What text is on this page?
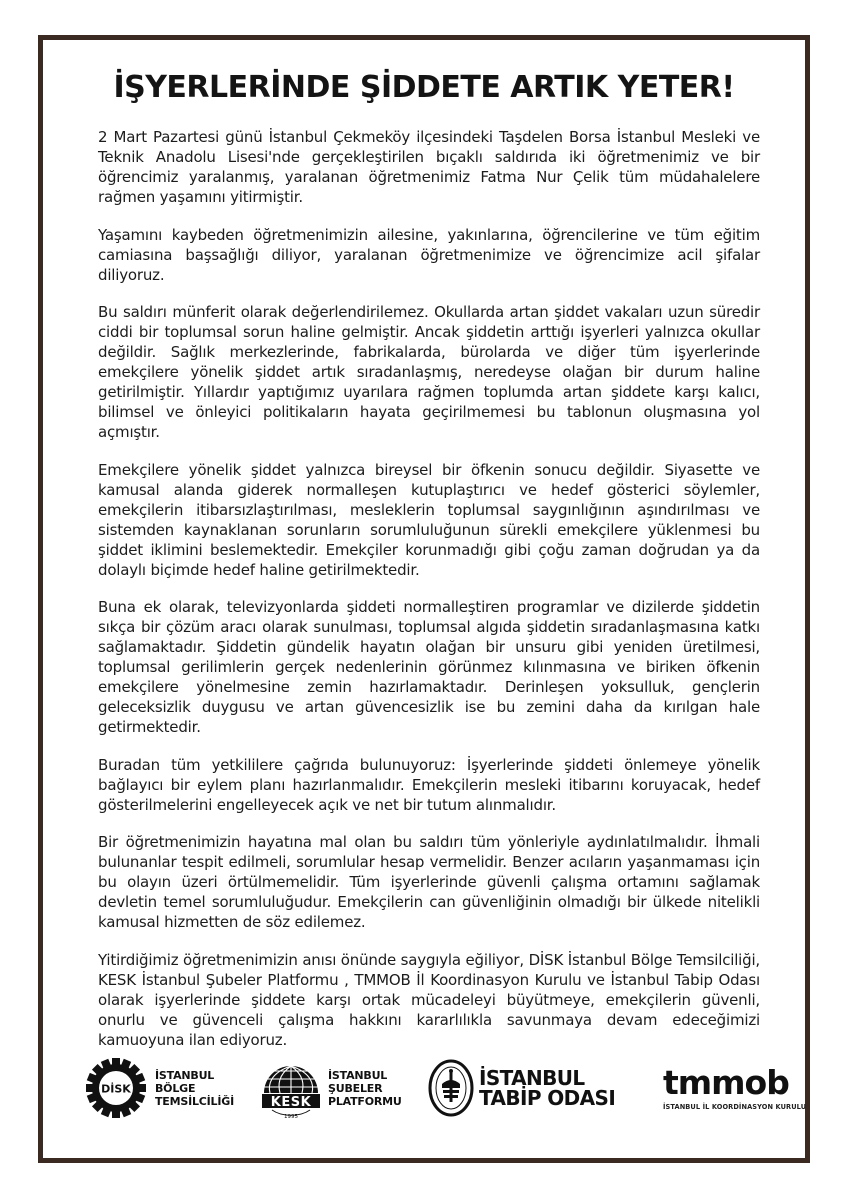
İŞYERLERİNDE ŞİDDETE ARTIK YETER!

2 Mart Pazartesi günü İstanbul Çekmeköy ilçesindeki Taşdelen Borsa İstanbul Mesleki ve Teknik Anadolu Lisesi'nde gerçekleştirilen bıçaklı saldırıda iki öğretmenimiz ve bir öğrencimiz yaralanmış, yaralanan öğretmenimiz Fatma Nur Çelik tüm müdahalelere rağmen yaşamını yitirmiştir.

Yaşamını kaybeden öğretmenimizin ailesine, yakınlarına, öğrencilerine ve tüm eğitim camiasına başsağlığı diliyor, yaralanan öğretmenimize ve öğrencimize acil şifalar diliyoruz.

Bu saldırı münferit olarak değerlendirilemez. Okullarda artan şiddet vakaları uzun süredir ciddi bir toplumsal sorun haline gelmiştir. Ancak şiddetin arttığı işyerleri yalnızca okullar değildir. Sağlık merkezlerinde, fabrikalarda, bürolarda ve diğer tüm işyerlerinde emekçilere yönelik şiddet artık sıradanlaşmış, neredeyse olağan bir durum haline getirilmiştir. Yıllardır yaptığımız uyarılara rağmen toplumda artan şiddete karşı kalıcı, bilimsel ve önleyici politikaların hayata geçirilmemesi bu tablonun oluşmasına yol açmıştır.

Emekçilere yönelik şiddet yalnızca bireysel bir öfkenin sonucu değildir. Siyasette ve kamusal alanda giderek normalleşen kutuplaştırıcı ve hedef gösterici söylemler, emekçilerin itibarsızlaştırılması, mesleklerin toplumsal saygınlığının aşındırılması ve sistemden kaynaklanan sorunların sorumluluğunun sürekli emekçilere yüklenmesi bu şiddet iklimini beslemektedir. Emekçiler korunmadığı gibi çoğu zaman doğrudan ya da dolaylı biçimde hedef haline getirilmektedir.

Buna ek olarak, televizyonlarda şiddeti normalleştiren programlar ve dizilerde şiddetin sıkça bir çözüm aracı olarak sunulması, toplumsal algıda şiddetin sıradanlaşmasına katkı sağlamaktadır. Şiddetin gündelik hayatın olağan bir unsuru gibi yeniden üretilmesi, toplumsal gerilimlerin gerçek nedenlerinin görünmez kılınmasına ve biriken öfkenin emekçilere yönelmesine zemin hazırlamaktadır. Derinleşen yoksulluk, gençlerin geleceksizlik duygusu ve artan güvencesizlik ise bu zemini daha da kırılgan hale getirmektedir.

Buradan tüm yetkililere çağrıda bulunuyoruz: İşyerlerinde şiddeti önlemeye yönelik bağlayıcı bir eylem planı hazırlanmalıdır. Emekçilerin mesleki itibarını koruyacak, hedef gösterilmelerini engelleyecek açık ve net bir tutum alınmalıdır.

Bir öğretmenimizin hayatına mal olan bu saldırı tüm yönleriyle aydınlatılmalıdır. İhmali bulunanlar tespit edilmeli, sorumlular hesap vermelidir. Benzer acıların yaşanmaması için bu olayın üzeri örtülmemelidir. Tüm işyerlerinde güvenli çalışma ortamını sağlamak devletin temel sorumluluğudur. Emekçilerin can güvenliğinin olmadığı bir ülkede nitelikli kamusal hizmetten de söz edilemez.

Yitirdiğimiz öğretmenimizin anısı önünde saygıyla eğiliyor, DİSK İstanbul Bölge Temsilciliği, KESK İstanbul Şubeler Platformu , TMMOB İl Koordinasyon Kurulu ve İstanbul Tabip Odası olarak işyerlerinde şiddete karşı ortak mücadeleyi büyütmeye, emekçilerin güvenli, onurlu ve güvenceli çalışma hakkını kararlılıkla savunmaya devam edeceğimizi kamuoyuna ilan ediyoruz.

DİSK
İSTANBUL
BÖLGE
TEMSİLCİLİĞİ	KESK
1995
İSTANBUL
ŞUBELER
PLATFORMU
İSTANBUL
TABİP ODASI tmmob
İSTANBUL İL KOORDİNASYON KURULU
